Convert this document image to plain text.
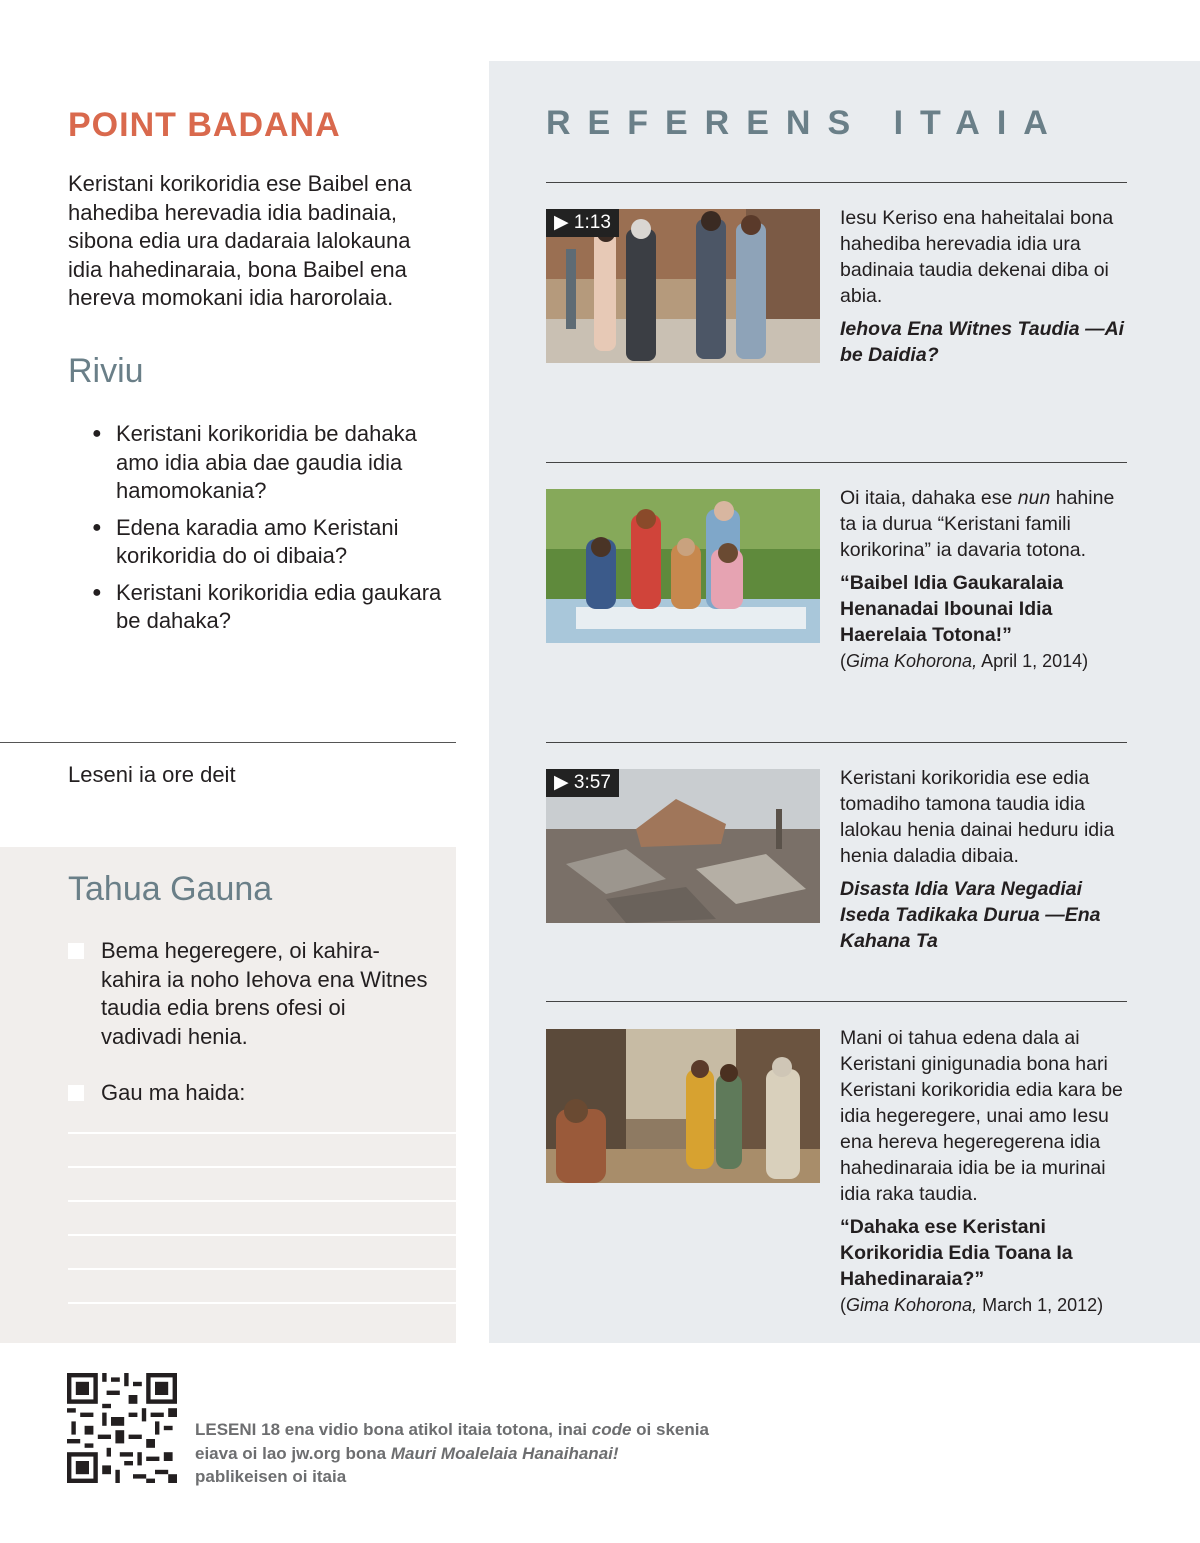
POINT BADANA

Keristani korikoridia ese Baibel ena hahediba herevadia idia badinaia, sibona edia ura dadaraia lalokauna idia hahedinaraia, bona Baibel ena hereva momokani idia harorolaia.

Riviu
● Keristani korikoridia be dahaka amo idia abia dae gaudia idia hamomokania?
● Edena karadia amo Keristani korikoridia do oi dibaia?
● Keristani korikoridia edia gaukara be dahaka?
Leseni ia ore deit
Tahua Gauna
Bema hegeregere, oi kahira-kahira ia noho Iehova ena Witnes taudia edia brens ofesi oi vadivadi henia.
Gau ma haida:
REFERENS ITAIA
▶ 1:13	Iesu Keriso ena haheitalai bona hahediba herevadia idia ura badinaia taudia dekenai diba oi abia.

Iehova Ena Witnes Taudia —Ai be Daidia?

Oi itaia, dahaka ese nun hahine ta ia durua “Keristani famili korikorina” ia davaria totona.

“Baibel Idia Gaukaralaia Henanadai Ibounai Idia Haerelaia Totona!”

(Gima Kohorona, April 1, 2014)

▶ 3:57	Keristani korikoridia ese edia tomadiho tamona taudia idia lalokau henia dainai heduru idia henia daladia dibaia.

Disasta Idia Vara Negadiai Iseda Tadikaka Durua —Ena Kahana Ta

Mani oi tahua edena dala ai Keristani ginigunadia bona hari Keristani korikoridia edia kara be idia hegeregere, unai amo Iesu ena hereva hegeregerena idia hahedinaraia idia be ia murinai idia raka taudia.

“Dahaka ese Keristani Korikoridia Edia Toana Ia Hahedinaraia?”

(Gima Kohorona, March 1, 2012)

LESENI 18 ena vidio bona atikol itaia totona, inai code oi skenia eiava oi lao jw.org bona Mauri Moalelaia Hanaihanai! pablikeisen oi itaia
